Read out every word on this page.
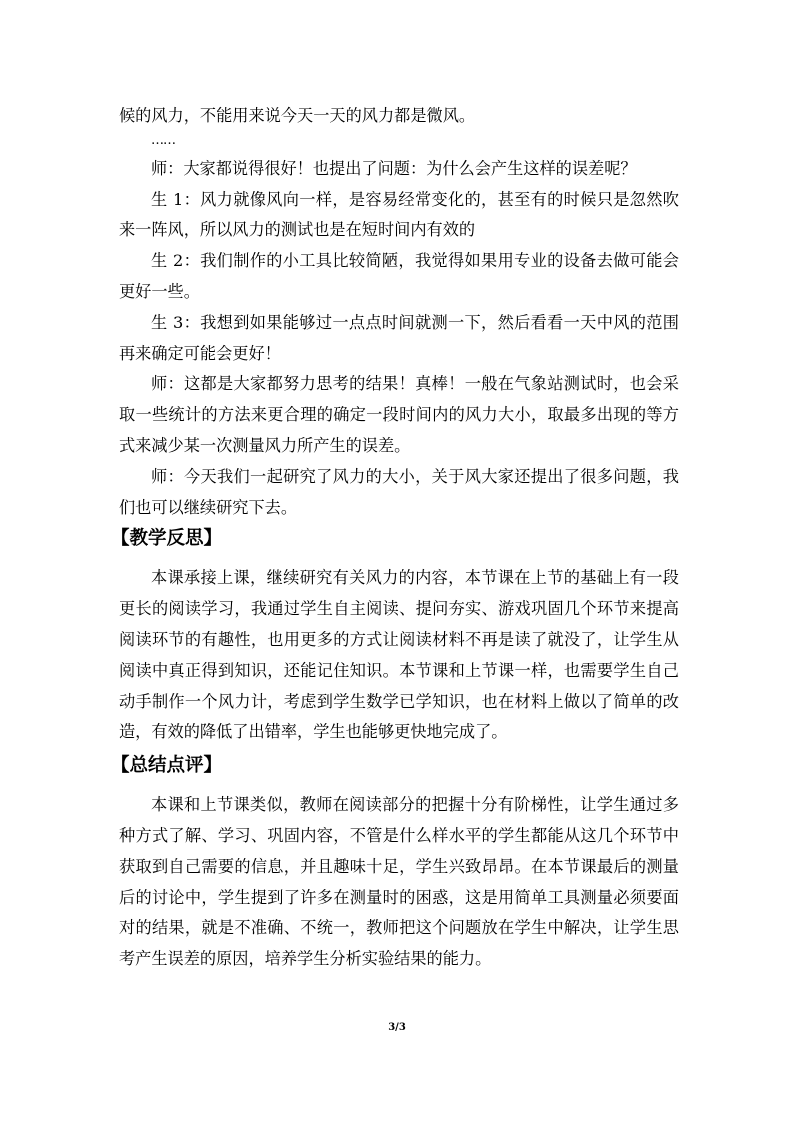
候的风力，不能用来说今天一天的风力都是微风。

……

师：大家都说得很好！也提出了问题：为什么会产生这样的误差呢？

生 1：风力就像风向一样，是容易经常变化的，甚至有的时候只是忽然吹来一阵风，所以风力的测试也是在短时间内有效的

生 2：我们制作的小工具比较简陋，我觉得如果用专业的设备去做可能会更好一些。

生 3：我想到如果能够过一点点时间就测一下，然后看看一天中风的范围再来确定可能会更好！

师：这都是大家都努力思考的结果！真棒！一般在气象站测试时，也会采取一些统计的方法来更合理的确定一段时间内的风力大小，取最多出现的等方式来减少某一次测量风力所产生的误差。

师：今天我们一起研究了风力的大小，关于风大家还提出了很多问题，我们也可以继续研究下去。

【教学反思】

本课承接上课，继续研究有关风力的内容，本节课在上节的基础上有一段更长的阅读学习，我通过学生自主阅读、提问夯实、游戏巩固几个环节来提高阅读环节的有趣性，也用更多的方式让阅读材料不再是读了就没了，让学生从阅读中真正得到知识，还能记住知识。本节课和上节课一样，也需要学生自己动手制作一个风力计，考虑到学生数学已学知识，也在材料上做以了简单的改造，有效的降低了出错率，学生也能够更快地完成了。

【总结点评】

本课和上节课类似，教师在阅读部分的把握十分有阶梯性，让学生通过多种方式了解、学习、巩固内容，不管是什么样水平的学生都能从这几个环节中获取到自己需要的信息，并且趣味十足，学生兴致昂昂。在本节课最后的测量后的讨论中，学生提到了许多在测量时的困惑，这是用简单工具测量必须要面对的结果，就是不准确、不统一，教师把这个问题放在学生中解决，让学生思考产生误差的原因，培养学生分析实验结果的能力。

3/3
